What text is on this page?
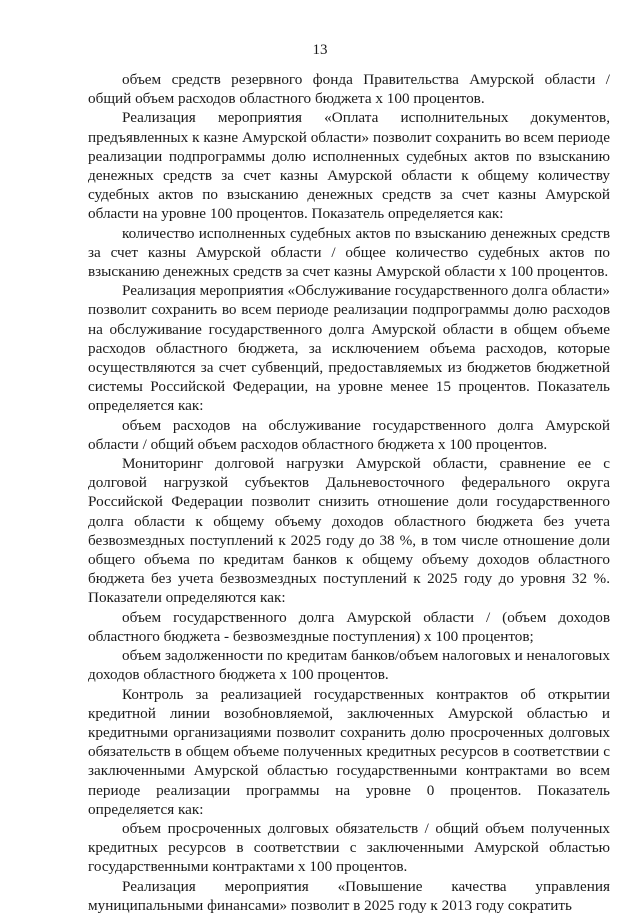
13

объем средств резервного фонда Правительства Амурской области / общий объем расходов областного бюджета х 100 процентов.

Реализация мероприятия «Оплата исполнительных документов, предъявленных к казне Амурской области» позволит сохранить во всем периоде реализации подпрограммы долю исполненных судебных актов по взысканию денежных средств за счет казны Амурской области к общему количеству судебных актов по взысканию денежных средств за счет казны Амурской области на уровне 100 процентов. Показатель определяется как:

количество исполненных судебных актов по взысканию денежных средств за счет казны Амурской области / общее количество судебных актов по взысканию денежных средств за счет казны Амурской области х 100 процентов.

Реализация мероприятия «Обслуживание государственного долга области» позволит сохранить во всем периоде реализации подпрограммы долю расходов на обслуживание государственного долга Амурской области в общем объеме расходов областного бюджета, за исключением объема расходов, которые осуществляются за счет субвенций, предоставляемых из бюджетов бюджетной системы Российской Федерации, на уровне менее 15 процентов. Показатель определяется как:

объем расходов на обслуживание государственного долга Амурской области / общий объем расходов областного бюджета х 100 процентов.

Мониторинг долговой нагрузки Амурской области, сравнение ее с долговой нагрузкой субъектов Дальневосточного федерального округа Российской Федерации позволит снизить отношение доли государственного долга области к общему объему доходов областного бюджета без учета безвозмездных поступлений к 2025 году до 38 %, в том числе отношение доли общего объема по кредитам банков к общему объему доходов областного бюджета без учета безвозмездных поступлений к 2025 году до уровня 32 %. Показатели определяются как:

объем государственного долга Амурской области / (объем доходов областного бюджета - безвозмездные поступления) х 100 процентов;

объем задолженности по кредитам банков/объем налоговых и неналоговых доходов областного бюджета х 100 процентов.

Контроль за реализацией государственных контрактов об открытии кредитной линии возобновляемой, заключенных Амурской областью и кредитными организациями позволит сохранить долю просроченных долговых обязательств в общем объеме полученных кредитных ресурсов в соответствии с заключенными Амурской областью государственными контрактами во всем периоде реализации программы на уровне 0 процентов. Показатель определяется как:

объем просроченных долговых обязательств / общий объем полученных кредитных ресурсов в соответствии с заключенными Амурской областью государственными контрактами х 100 процентов.

Реализация мероприятия «Повышение качества управления муниципальными финансами» позволит в 2025 году к 2013 году сократить
